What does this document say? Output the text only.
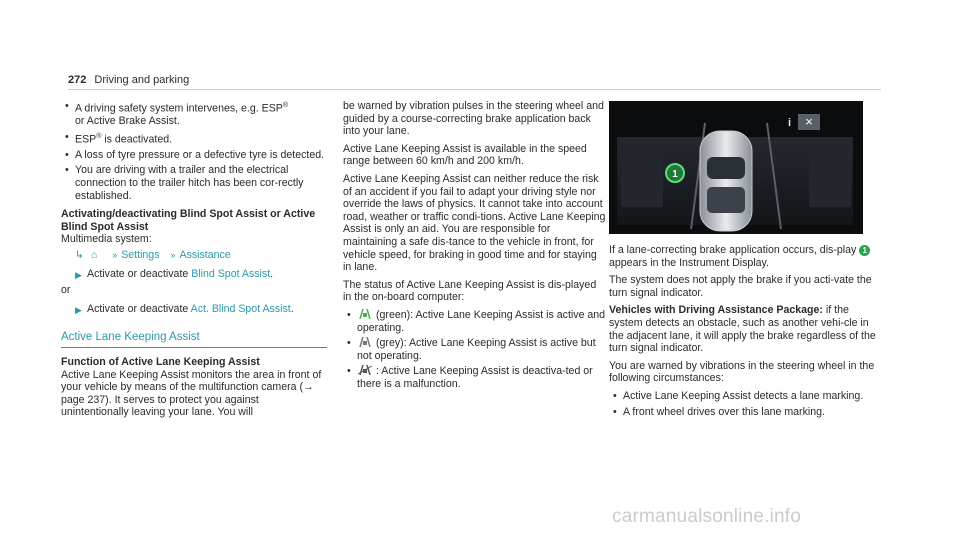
272 Driving and parking
• A driving safety system intervenes, e.g. ESP®
or Active Brake Assist.
• ESP® is deactivated.
• A loss of tyre pressure or a defective tyre is detected.
• You are driving with a trailer and the electrical connection to the trailer hitch has been cor-rectly established.
Activating/deactivating Blind Spot Assist or Active Blind Spot Assist
Multimedia system:
↳ ⌂ » Settings » Assistance
▶ Activate or deactivate Blind Spot Assist.
or
▶ Activate or deactivate Act. Blind Spot Assist.
Active Lane Keeping Assist
Function of Active Lane Keeping Assist
Active Lane Keeping Assist monitors the area in front of your vehicle by means of the multifunction camera (→ page 237). It serves to protect you against unintentionally leaving your lane. You will

be warned by vibration pulses in the steering wheel and guided by a course-correcting brake application back into your lane.

Active Lane Keeping Assist is available in the speed range between 60 km/h and 200 km/h.

Active Lane Keeping Assist can neither reduce the risk of an accident if you fail to adapt your driving style nor override the laws of physics. It cannot take into account road, weather or traffic condi-tions. Active Lane Keeping Assist is only an aid. You are responsible for maintaining a safe dis-tance to the vehicle in front, for vehicle speed, for braking in good time and for staying in lane.

The status of Active Lane Keeping Assist is dis-played in the on-board computer:

• (green): Active Lane Keeping Assist is active and operating.
• (grey): Active Lane Keeping Assist is active but not operating.
• : Active Lane Keeping Assist is deactiva-ted or there is a malfunction.
1
i ×

If a lane-correcting brake application occurs, dis-play 1 appears in the Instrument Display.

The system does not apply the brake if you acti-vate the turn signal indicator.

Vehicles with Driving Assistance Package: if the system detects an obstacle, such as another vehi-cle in the adjacent lane, it will apply the brake regardless of the turn signal indicator.

You are warned by vibrations in the steering wheel in the following circumstances:

• Active Lane Keeping Assist detects a lane marking.
• A front wheel drives over this lane marking.
carmanualsonline.info
